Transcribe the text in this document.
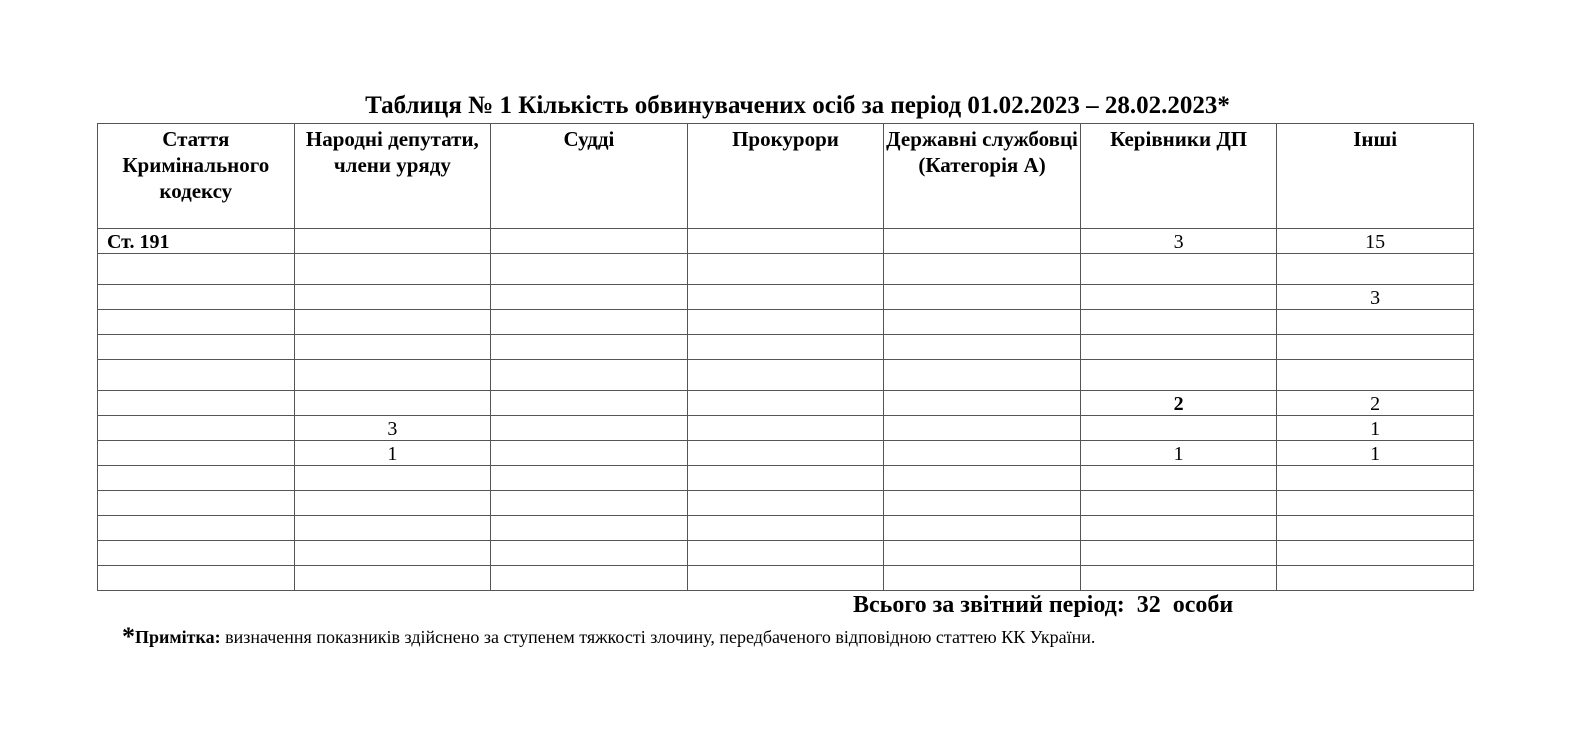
Таблиця № 1 Кількість обвинувачених осіб за період 01.02.2023 – 28.02.2023*
Стаття Кримінального кодексу	Народні депутати, члени уряду	Судді	Прокурори	Державні службовці (Категорія А)	Керівники ДП	Інші
Ст. 191					3	15

						3

					2	2
	3					1
	1				1	1

Всього за звітний період:  32  особи
*Примітка: визначення показників здійснено за ступенем тяжкості злочину, передбаченого відповідною статтею КК України.
